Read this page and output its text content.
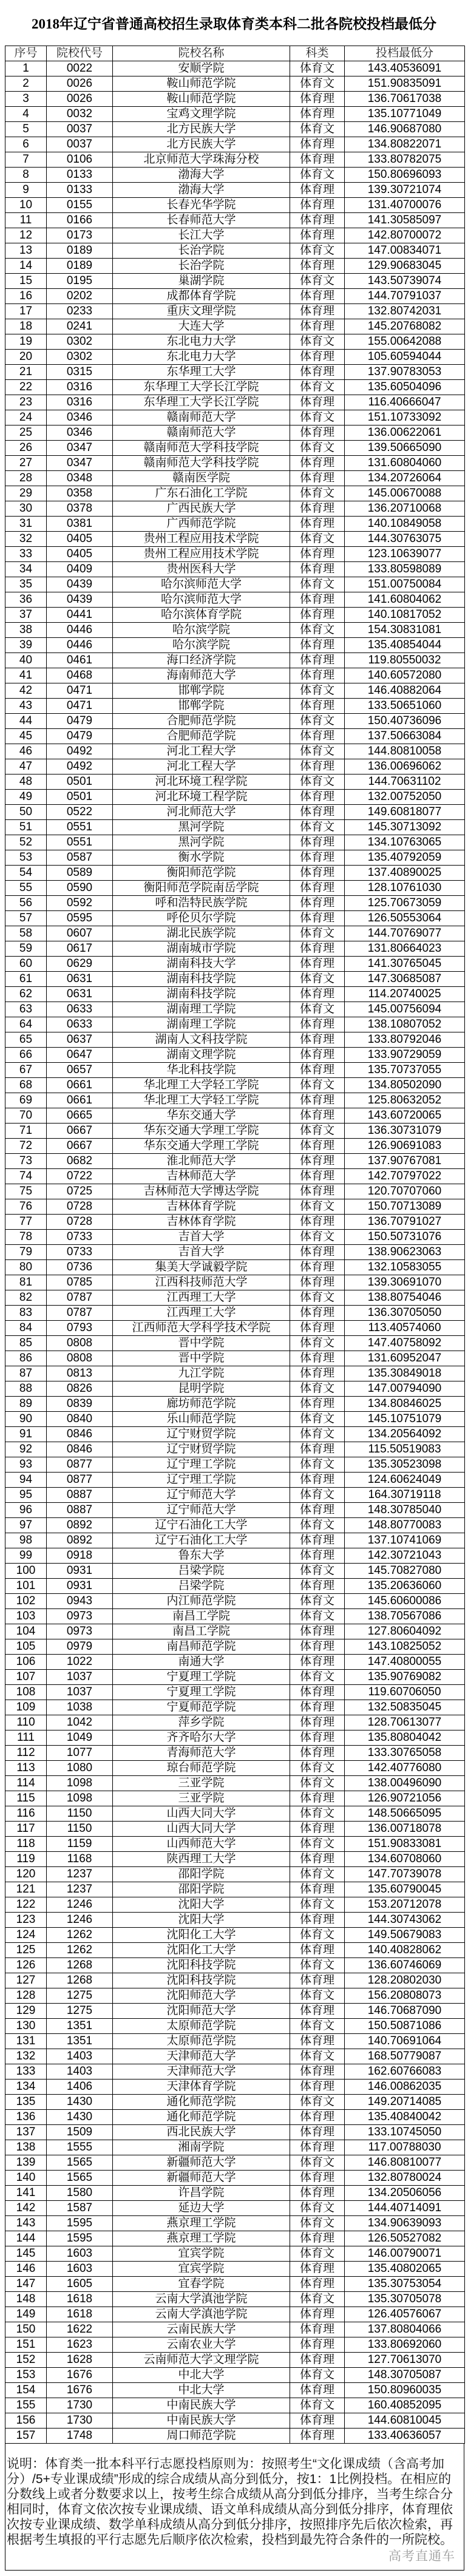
2018年辽宁省普通高校招生录取体育类本科二批各院校投档最低分
序号	院校代号	院校名称	科类	投档最低分
1	0022	安顺学院	体育文	143.40536091
2	0026	鞍山师范学院	体育文	151.90835091
3	0026	鞍山师范学院	体育理	136.70617038
4	0032	宝鸡文理学院	体育理	135.10771049
5	0037	北方民族大学	体育文	146.90687080
6	0037	北方民族大学	体育理	134.80822071
7	0106	北京师范大学珠海分校	体育理	133.80782075
8	0133	渤海大学	体育文	150.80696093
9	0133	渤海大学	体育理	139.30721074
10	0155	长春光华学院	体育理	131.40700076
11	0166	长春师范大学	体育理	141.30585097
12	0173	长江大学	体育理	142.80700072
13	0189	长治学院	体育文	147.00834071
14	0189	长治学院	体育理	129.90683045
15	0195	巢湖学院	体育文	143.50739074
16	0202	成都体育学院	体育理	144.70791037
17	0233	重庆文理学院	体育理	132.80742031
18	0241	大连大学	体育理	145.20768082
19	0302	东北电力大学	体育文	155.00642088
20	0302	东北电力大学	体育理	105.60594044
21	0315	东华理工大学	体育理	137.90783053
22	0316	东华理工大学长江学院	体育文	135.60504096
23	0316	东华理工大学长江学院	体育理	116.40666047
24	0346	赣南师范大学	体育文	151.10733092
25	0346	赣南师范大学	体育理	136.00622061
26	0347	赣南师范大学科技学院	体育文	139.50665090
27	0347	赣南师范大学科技学院	体育理	131.60804060
28	0348	赣南医学院	体育理	134.20726064
29	0358	广东石油化工学院	体育文	145.00670088
30	0378	广西民族大学	体育理	136.20710068
31	0381	广西师范学院	体育理	140.10849058
32	0405	贵州工程应用技术学院	体育文	144.30763075
33	0405	贵州工程应用技术学院	体育理	123.10639077
34	0409	贵州医科大学	体育理	133.80598089
35	0439	哈尔滨师范大学	体育文	151.00750084
36	0439	哈尔滨师范大学	体育理	141.60804062
37	0441	哈尔滨体育学院	体育理	140.10817052
38	0446	哈尔滨学院	体育文	154.30831081
39	0446	哈尔滨学院	体育理	135.40854044
40	0461	海口经济学院	体育理	119.80550032
41	0468	海南师范大学	体育理	140.60572080
42	0471	邯郸学院	体育文	146.40882064
43	0471	邯郸学院	体育理	133.50651060
44	0479	合肥师范学院	体育文	150.40736096
45	0479	合肥师范学院	体育理	137.50663084
46	0492	河北工程大学	体育文	144.80810058
47	0492	河北工程大学	体育理	136.00696062
48	0501	河北环境工程学院	体育文	144.70631102
49	0501	河北环境工程学院	体育理	132.00752050
50	0522	河北师范大学	体育理	149.60818077
51	0551	黑河学院	体育文	145.30713092
52	0551	黑河学院	体育理	134.10763065
53	0587	衡水学院	体育理	135.40792059
54	0589	衡阳师范学院	体育理	137.40890025
55	0590	衡阳师范学院南岳学院	体育理	128.10761030
56	0592	呼和浩特民族学院	体育理	125.70673059
57	0595	呼伦贝尔学院	体育理	126.50553064
58	0607	湖北民族学院	体育文	144.70769077
59	0617	湖南城市学院	体育理	131.80664023
60	0629	湖南科技大学	体育理	141.30765045
61	0631	湖南科技学院	体育文	147.30685087
62	0631	湖南科技学院	体育理	114.20740025
63	0633	湖南理工学院	体育文	145.00756094
64	0633	湖南理工学院	体育理	138.10807052
65	0637	湖南人文科技学院	体育理	133.80792046
66	0647	湖南文理学院	体育理	133.90729059
67	0657	华北科技学院	体育理	135.70737055
68	0661	华北理工大学轻工学院	体育文	134.80502090
69	0661	华北理工大学轻工学院	体育理	125.80632052
70	0665	华东交通大学	体育理	143.60720065
71	0667	华东交通大学理工学院	体育文	136.30731079
72	0667	华东交通大学理工学院	体育理	126.90691083
73	0682	淮北师范大学	体育理	137.90767081
74	0722	吉林师范大学	体育理	142.70797022
75	0725	吉林师范大学博达学院	体育理	120.70707060
76	0728	吉林体育学院	体育文	150.70713089
77	0728	吉林体育学院	体育理	136.70791027
78	0733	吉首大学	体育文	150.50731076
79	0733	吉首大学	体育理	138.90623063
80	0736	集美大学诚毅学院	体育理	132.10583055
81	0785	江西科技师范大学	体育理	139.30691070
82	0787	江西理工大学	体育文	138.80754046
83	0787	江西理工大学	体育理	136.30705050
84	0793	江西师范大学科学技术学院	体育理	113.40574060
85	0808	晋中学院	体育文	147.40758092
86	0808	晋中学院	体育理	131.60952047
87	0813	九江学院	体育理	135.30849018
88	0826	昆明学院	体育文	147.00794090
89	0839	廊坊师范学院	体育理	134.80846025
90	0840	乐山师范学院	体育文	145.10751079
91	0846	辽宁财贸学院	体育文	134.20564092
92	0846	辽宁财贸学院	体育理	115.50519083
93	0877	辽宁理工学院	体育文	135.30523098
94	0877	辽宁理工学院	体育理	124.60624049
95	0887	辽宁师范大学	体育文	164.30719118
96	0887	辽宁师范大学	体育理	148.30785040
97	0892	辽宁石油化工大学	体育文	148.80770083
98	0892	辽宁石油化工大学	体育理	137.10741069
99	0918	鲁东大学	体育理	142.30721043
100	0931	吕梁学院	体育文	145.70827080
101	0931	吕梁学院	体育理	135.20636060
102	0943	内江师范学院	体育文	145.60600086
103	0973	南昌工学院	体育文	138.70567086
104	0973	南昌工学院	体育理	127.80604092
105	0979	南昌师范学院	体育理	143.10825052
106	1022	南通大学	体育理	147.40800055
107	1037	宁夏理工学院	体育文	135.90769082
108	1037	宁夏理工学院	体育理	119.60706050
109	1038	宁夏师范学院	体育理	132.50835045
110	1042	萍乡学院	体育理	128.70613077
111	1049	齐齐哈尔大学	体育理	135.80804042
112	1077	青海师范大学	体育理	133.30765058
113	1080	琼台师范学院	体育文	142.40776080
114	1098	三亚学院	体育文	138.00496090
115	1098	三亚学院	体育理	126.90721056
116	1150	山西大同大学	体育文	148.50665095
117	1150	山西大同大学	体育理	136.00718078
118	1159	山西师范大学	体育文	151.90833081
119	1168	陕西理工大学	体育理	134.60708060
120	1237	邵阳学院	体育文	147.70739078
121	1237	邵阳学院	体育理	135.60790045
122	1246	沈阳大学	体育文	153.20712078
123	1246	沈阳大学	体育理	144.30743062
124	1262	沈阳化工大学	体育文	149.50679083
125	1262	沈阳化工大学	体育理	140.40828062
126	1268	沈阳科技学院	体育文	136.60746069
127	1268	沈阳科技学院	体育理	128.20802030
128	1275	沈阳师范大学	体育文	156.20808073
129	1275	沈阳师范大学	体育理	146.70687090
130	1351	太原师范学院	体育文	150.50871086
131	1351	太原师范学院	体育理	140.70691064
132	1403	天津师范大学	体育文	168.50779087
133	1403	天津师范大学	体育理	162.60766083
134	1406	天津体育学院	体育理	146.00862035
135	1430	通化师范学院	体育文	149.20714085
136	1430	通化师范学院	体育理	135.40840042
137	1509	西北民族大学	体育理	133.10745050
138	1555	湘南学院	体育理	117.00788030
139	1565	新疆师范大学	体育文	146.80810077
140	1565	新疆师范大学	体育理	132.80780024
141	1580	许昌学院	体育理	134.20506056
142	1587	延边大学	体育文	144.40714091
143	1595	燕京理工学院	体育文	134.90639093
144	1595	燕京理工学院	体育理	126.50527082
145	1603	宜宾学院	体育文	146.00790071
146	1603	宜宾学院	体育理	135.40802065
147	1605	宜春学院	体育理	135.30753054
148	1618	云南大学滇池学院	体育文	135.30705078
149	1618	云南大学滇池学院	体育理	126.40576067
150	1622	云南民族大学	体育理	137.80804066
151	1623	云南农业大学	体育理	133.80692060
152	1628	云南师范大学文理学院	体育理	127.70613070
153	1676	中北大学	体育文	148.30705087
154	1676	中北大学	体育理	150.80960035
155	1730	中南民族大学	体育文	160.40852095
156	1730	中南民族大学	体育理	144.60810045
157	1748	周口师范学院	体育理	133.40636057
说明：体育类一批本科平行志愿投档原则为：按照考生“文化课成绩（含高考加分）/5+专业课成绩”形成的综合成绩从高分到低分，按1：1比例投档。在相应的分数线上或者分数要求以上，按考生综合成绩从高分到低分排序，当考生综合分相同时，体育文依次按专业课成绩、语文单科成绩从高分到低分排序，体育理依次按专业课成绩、数学单科成绩从高分到低分排序，按照排序先后依次检索，再根据考生填报的平行志愿先后顺序依次检索，投档到最先符合条件的一所院校。
高考直通车
